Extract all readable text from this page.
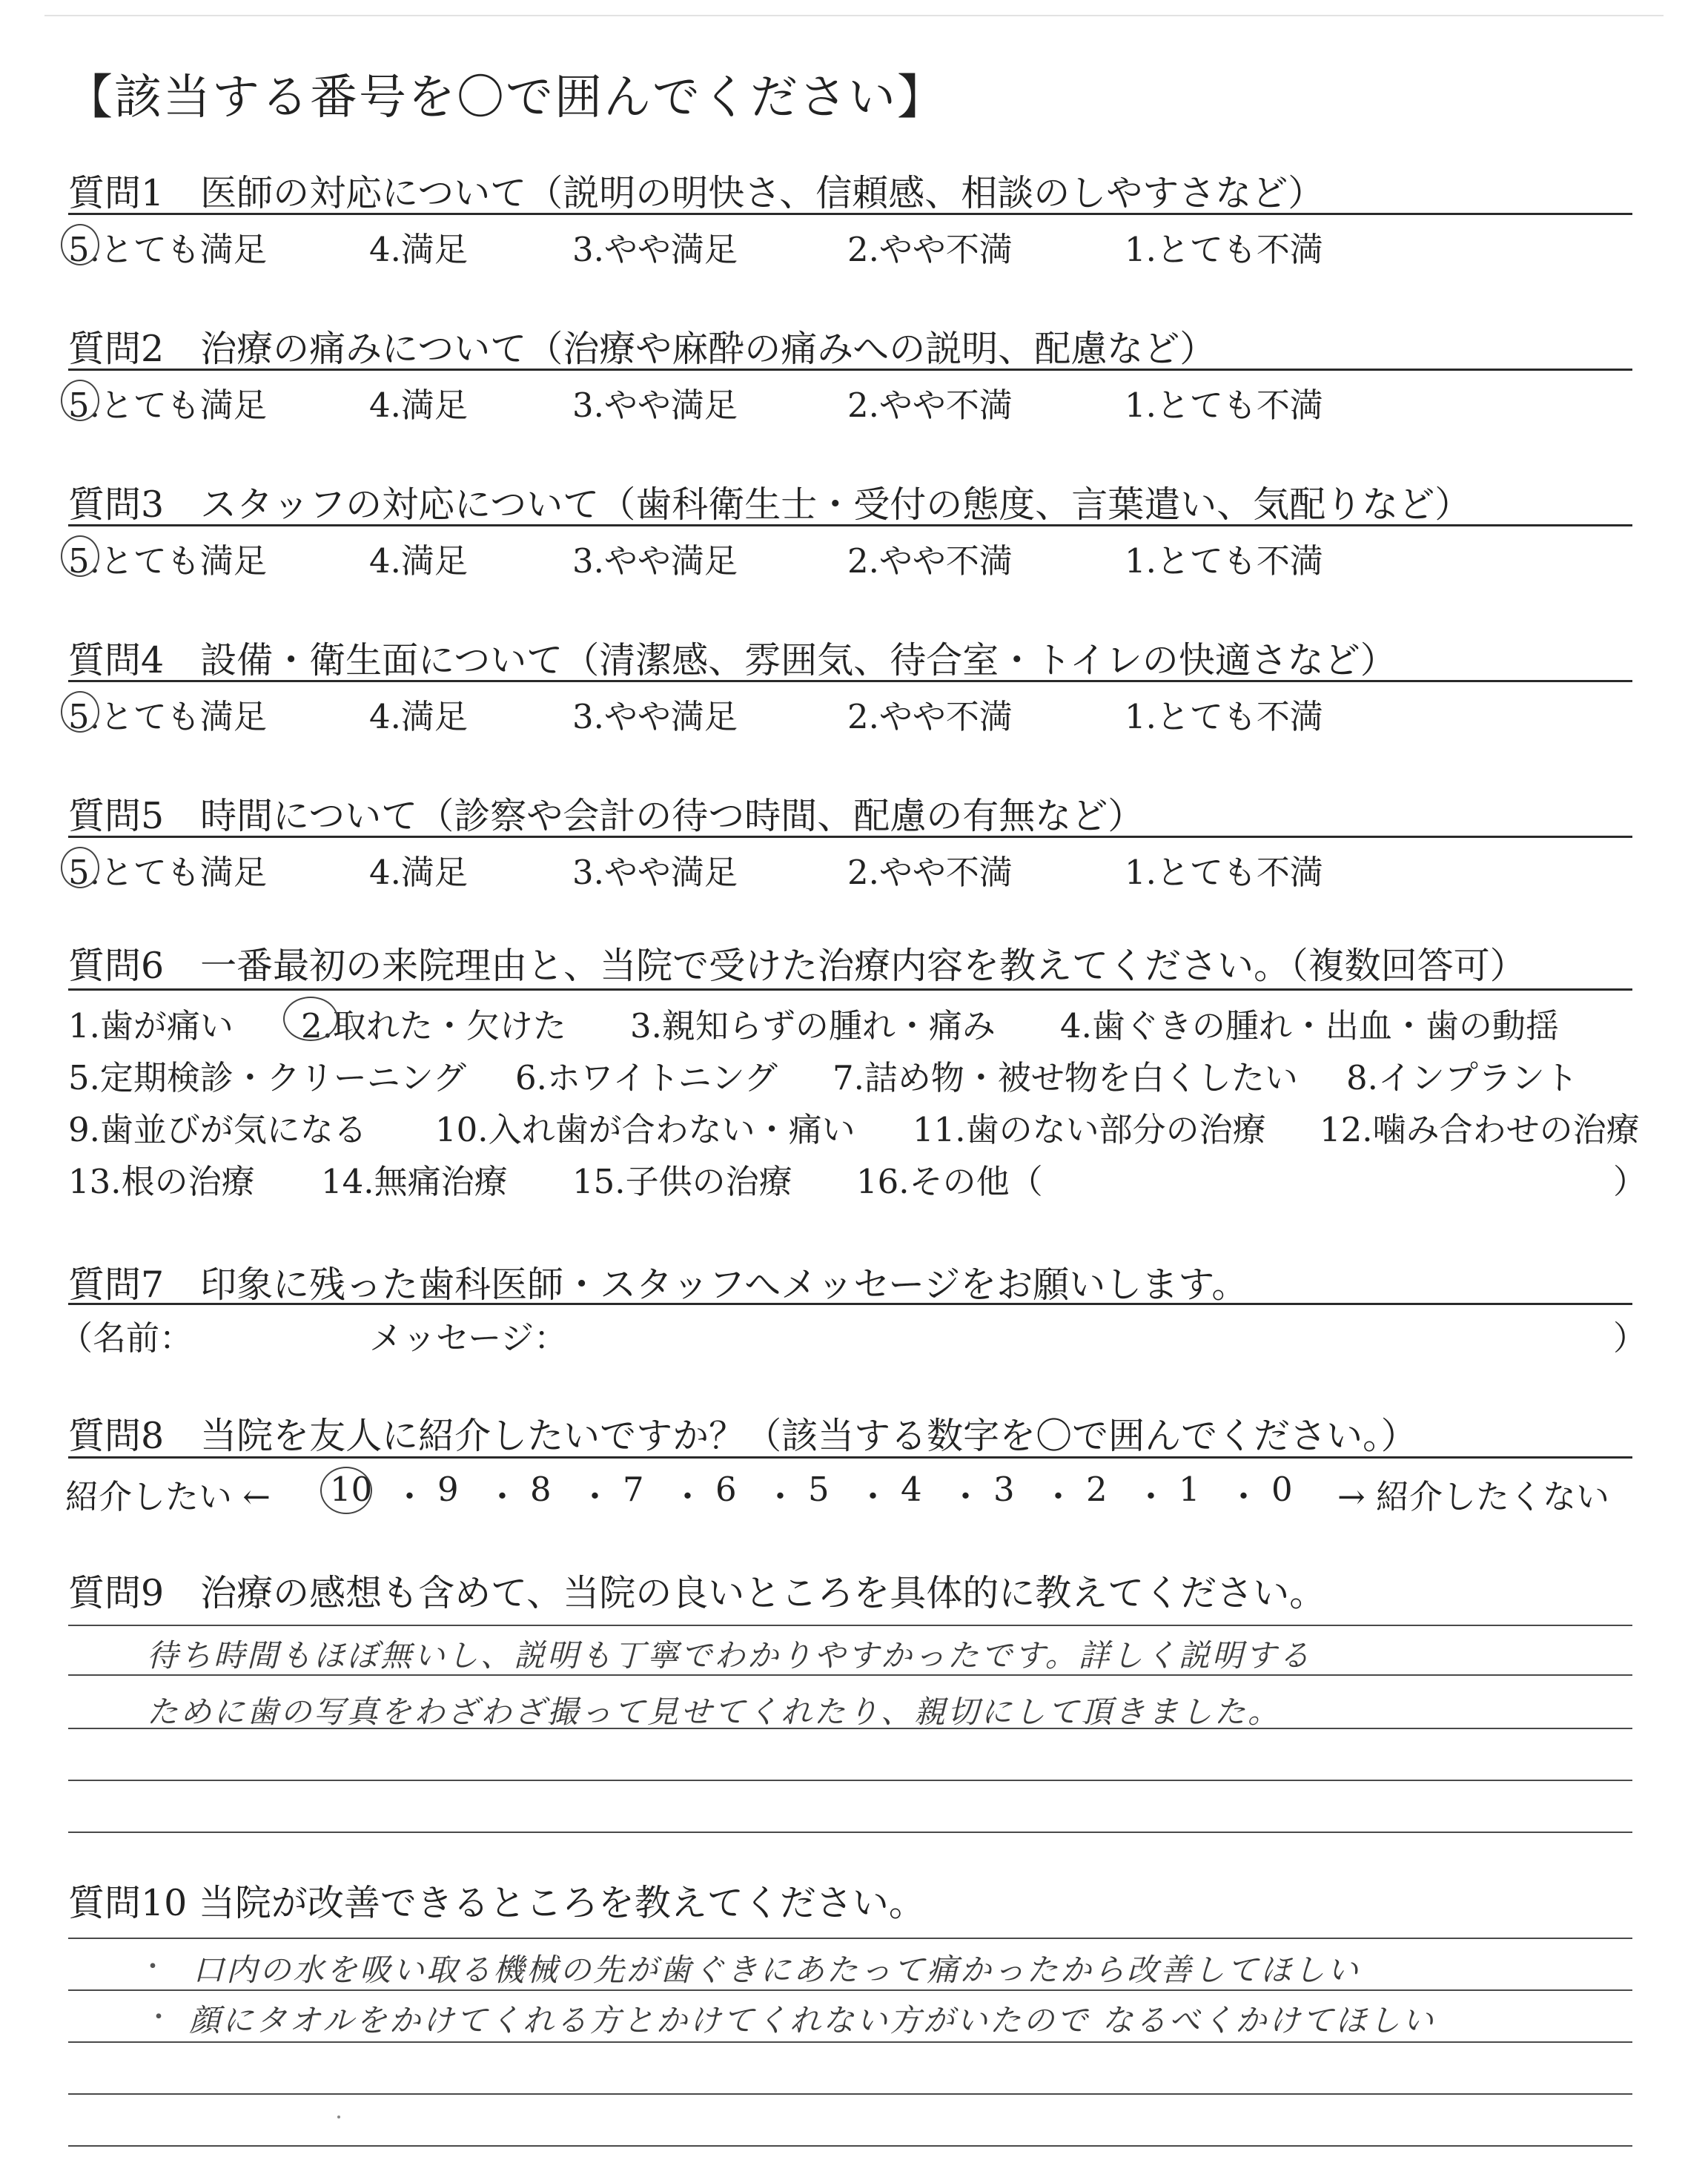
【該当する番号を〇で囲んでください】
質問1　医師の対応について（説明の明快さ、信頼感、相談のしやすさなど）
5.とても満足	4.満足	3.やや満足	2.やや不満	1.とても不満
質問2　治療の痛みについて（治療や麻酔の痛みへの説明、配慮など）
5.とても満足	4.満足	3.やや満足	2.やや不満	1.とても不満
質問3　スタッフの対応について（歯科衛生士・受付の態度、言葉遣い、気配りなど）
5.とても満足	4.満足	3.やや満足	2.やや不満	1.とても不満
質問4　設備・衛生面について（清潔感、雰囲気、待合室・トイレの快適さなど）
5.とても満足	4.満足	3.やや満足	2.やや不満	1.とても不満
質問5　時間について（診察や会計の待つ時間、配慮の有無など）
5.とても満足	4.満足	3.やや満足	2.やや不満	1.とても不満
質問6　一番最初の来院理由と、当院で受けた治療内容を教えてください。（複数回答可）
1.歯が痛い 2.取れた・欠けた 3.親知らずの腫れ・痛み 4.歯ぐきの腫れ・出血・歯の動揺
5.定期検診・クリーニング 6.ホワイトニング 7.詰め物・被せ物を白くしたい 8.インプラント
9.歯並びが気になる 10.入れ歯が合わない・痛い 11.歯のない部分の治療 12.噛み合わせの治療
13.根の治療 14.無痛治療 15.子供の治療 16.その他（	）
質問7　印象に残った歯科医師・スタッフへメッセージをお願いします。
（名前：	メッセージ：	）
質問8　当院を友人に紹介したいですか？（該当する数字を〇で囲んでください。）
紹介したい ← 10 ・ 9 ・ 8 ・ 7 ・ 6 ・ 5 ・ 4 ・ 3 ・ 2 ・ 1 ・ 0 → 紹介したくない
質問9　治療の感想も含めて、当院の良いところを具体的に教えてください。
待ち時間もほぼ無いし、説明も丁寧でわかりやすかったです。詳しく説明する
ために歯の写真をわざわざ撮って見せてくれたり、親切にして頂きました。
質問10 当院が改善できるところを教えてください。
・ 口内の水を吸い取る機械の先が歯ぐきにあたって痛かったから改善してほしい
・ 顔にタオルをかけてくれる方とかけてくれない方がいたので なるべくかけてほしい
